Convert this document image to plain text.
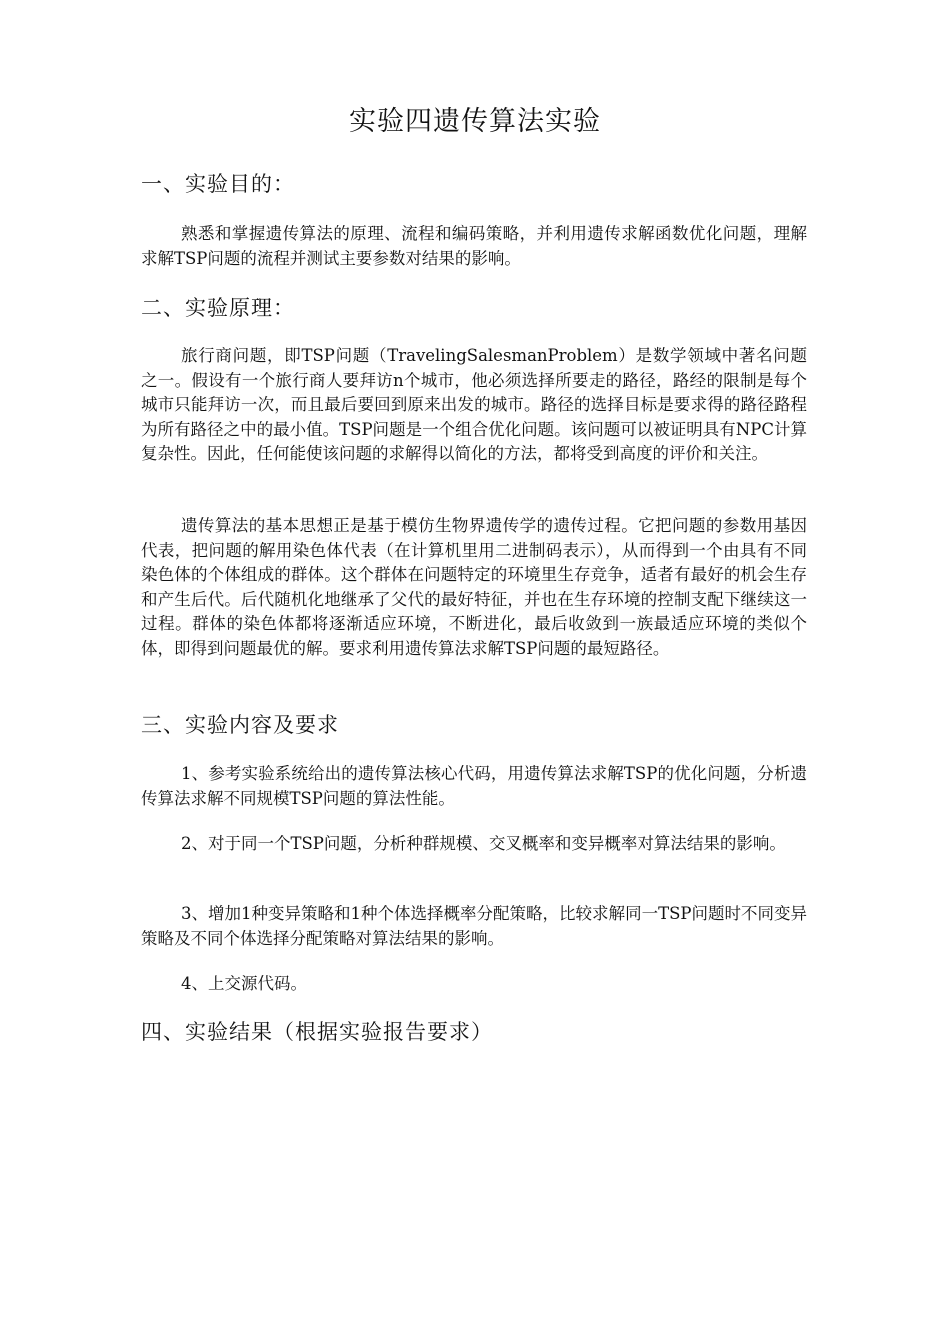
实验四遗传算法实验
一、实验目的：
熟悉和掌握遗传算法的原理、流程和编码策略，并利用遗传求解函数优化问题，理解求解TSP问题的流程并测试主要参数对结果的影响。
二、实验原理：
旅行商问题，即TSP问题（TravelingSalesmanProblem）是数学领域中著名问题之一。假设有一个旅行商人要拜访n个城市，他必须选择所要走的路径，路经的限制是每个城市只能拜访一次，而且最后要回到原来出发的城市。路径的选择目标是要求得的路径路程为所有路径之中的最小值。TSP问题是一个组合优化问题。该问题可以被证明具有NPC计算复杂性。因此，任何能使该问题的求解得以简化的方法，都将受到高度的评价和关注。
遗传算法的基本思想正是基于模仿生物界遗传学的遗传过程。它把问题的参数用基因代表，把问题的解用染色体代表（在计算机里用二进制码表示），从而得到一个由具有不同染色体的个体组成的群体。这个群体在问题特定的环境里生存竞争，适者有最好的机会生存和产生后代。后代随机化地继承了父代的最好特征，并也在生存环境的控制支配下继续这一过程。群体的染色体都将逐渐适应环境，不断进化，最后收敛到一族最适应环境的类似个体，即得到问题最优的解。要求利用遗传算法求解TSP问题的最短路径。
三、实验内容及要求
1、参考实验系统给出的遗传算法核心代码，用遗传算法求解TSP的优化问题，分析遗传算法求解不同规模TSP问题的算法性能。
2、对于同一个TSP问题，分析种群规模、交叉概率和变异概率对算法结果的影响。
3、增加1种变异策略和1种个体选择概率分配策略，比较求解同一TSP问题时不同变异策略及不同个体选择分配策略对算法结果的影响。
4、上交源代码。
四、实验结果（根据实验报告要求）
